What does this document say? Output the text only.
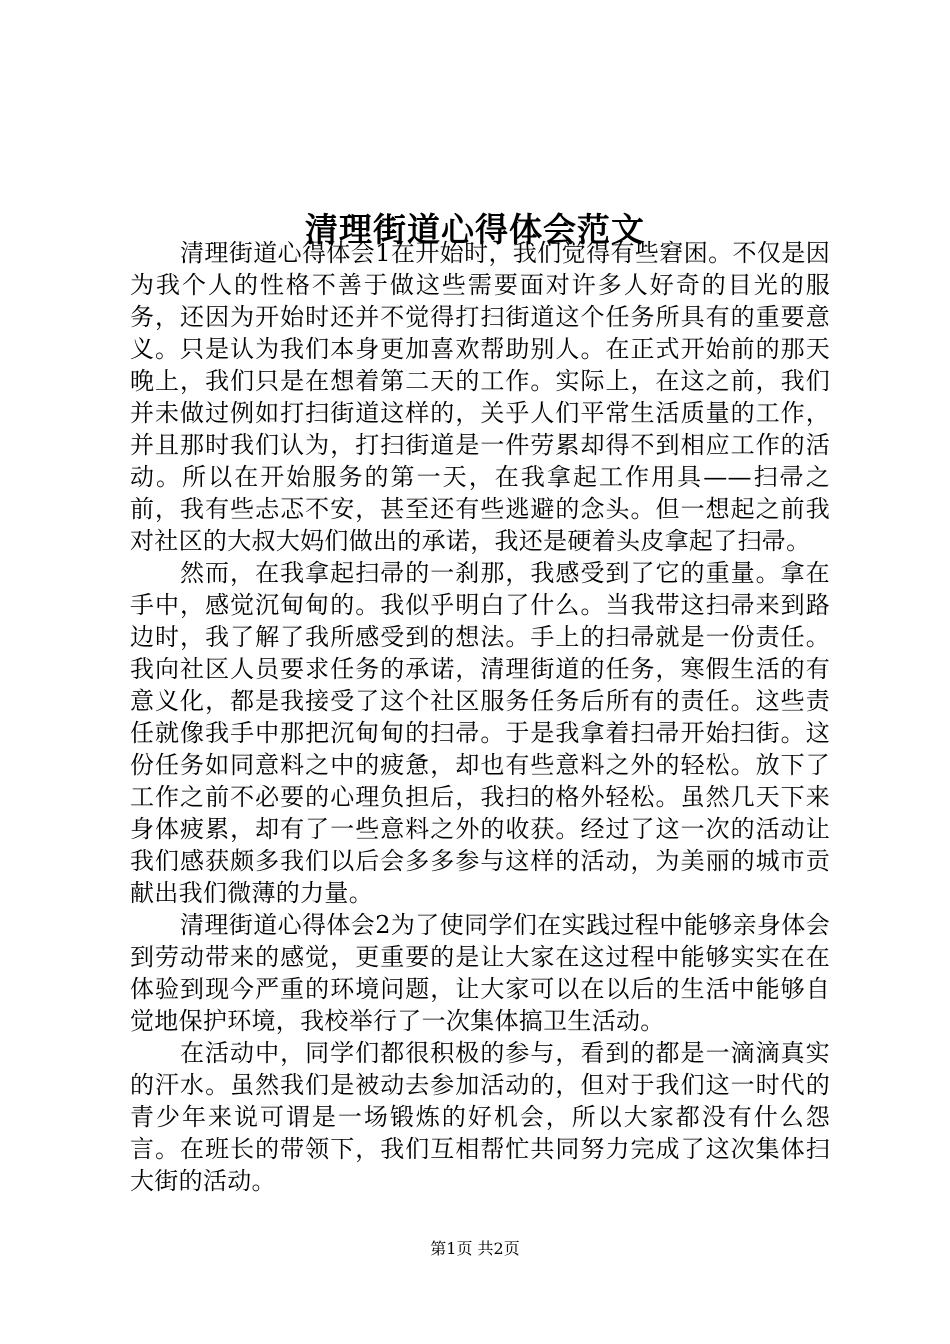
清理街道心得体会范文

清理街道心得体会1在开始时，我们觉得有些窘困。不仅是因为我个人的性格不善于做这些需要面对许多人好奇的目光的服务，还因为开始时还并不觉得打扫街道这个任务所具有的重要意义。只是认为我们本身更加喜欢帮助别人。在正式开始前的那天晚上，我们只是在想着第二天的工作。实际上，在这之前，我们并未做过例如打扫街道这样的，关乎人们平常生活质量的工作，并且那时我们认为，打扫街道是一件劳累却得不到相应工作的活动。所以在开始服务的第一天，在我拿起工作用具——扫帚之前，我有些忐忑不安，甚至还有些逃避的念头。但一想起之前我对社区的大叔大妈们做出的承诺，我还是硬着头皮拿起了扫帚。

然而，在我拿起扫帚的一刹那，我感受到了它的重量。拿在手中，感觉沉甸甸的。我似乎明白了什么。当我带这扫帚来到路边时，我了解了我所感受到的想法。手上的扫帚就是一份责任。我向社区人员要求任务的承诺，清理街道的任务，寒假生活的有意义化，都是我接受了这个社区服务任务后所有的责任。这些责任就像我手中那把沉甸甸的扫帚。于是我拿着扫帚开始扫街。这份任务如同意料之中的疲惫，却也有些意料之外的轻松。放下了工作之前不必要的心理负担后，我扫的格外轻松。虽然几天下来身体疲累，却有了一些意料之外的收获。经过了这一次的活动让我们感获颇多我们以后会多多参与这样的活动，为美丽的城市贡献出我们微薄的力量。

清理街道心得体会2为了使同学们在实践过程中能够亲身体会到劳动带来的感觉，更重要的是让大家在这过程中能够实实在在体验到现今严重的环境问题，让大家可以在以后的生活中能够自觉地保护环境，我校举行了一次集体搞卫生活动。

在活动中，同学们都很积极的参与，看到的都是一滴滴真实的汗水。虽然我们是被动去参加活动的，但对于我们这一时代的青少年来说可谓是一场锻炼的好机会，所以大家都没有什么怨言。在班长的带领下，我们互相帮忙共同努力完成了这次集体扫大街的活动。

第1页 共2页
